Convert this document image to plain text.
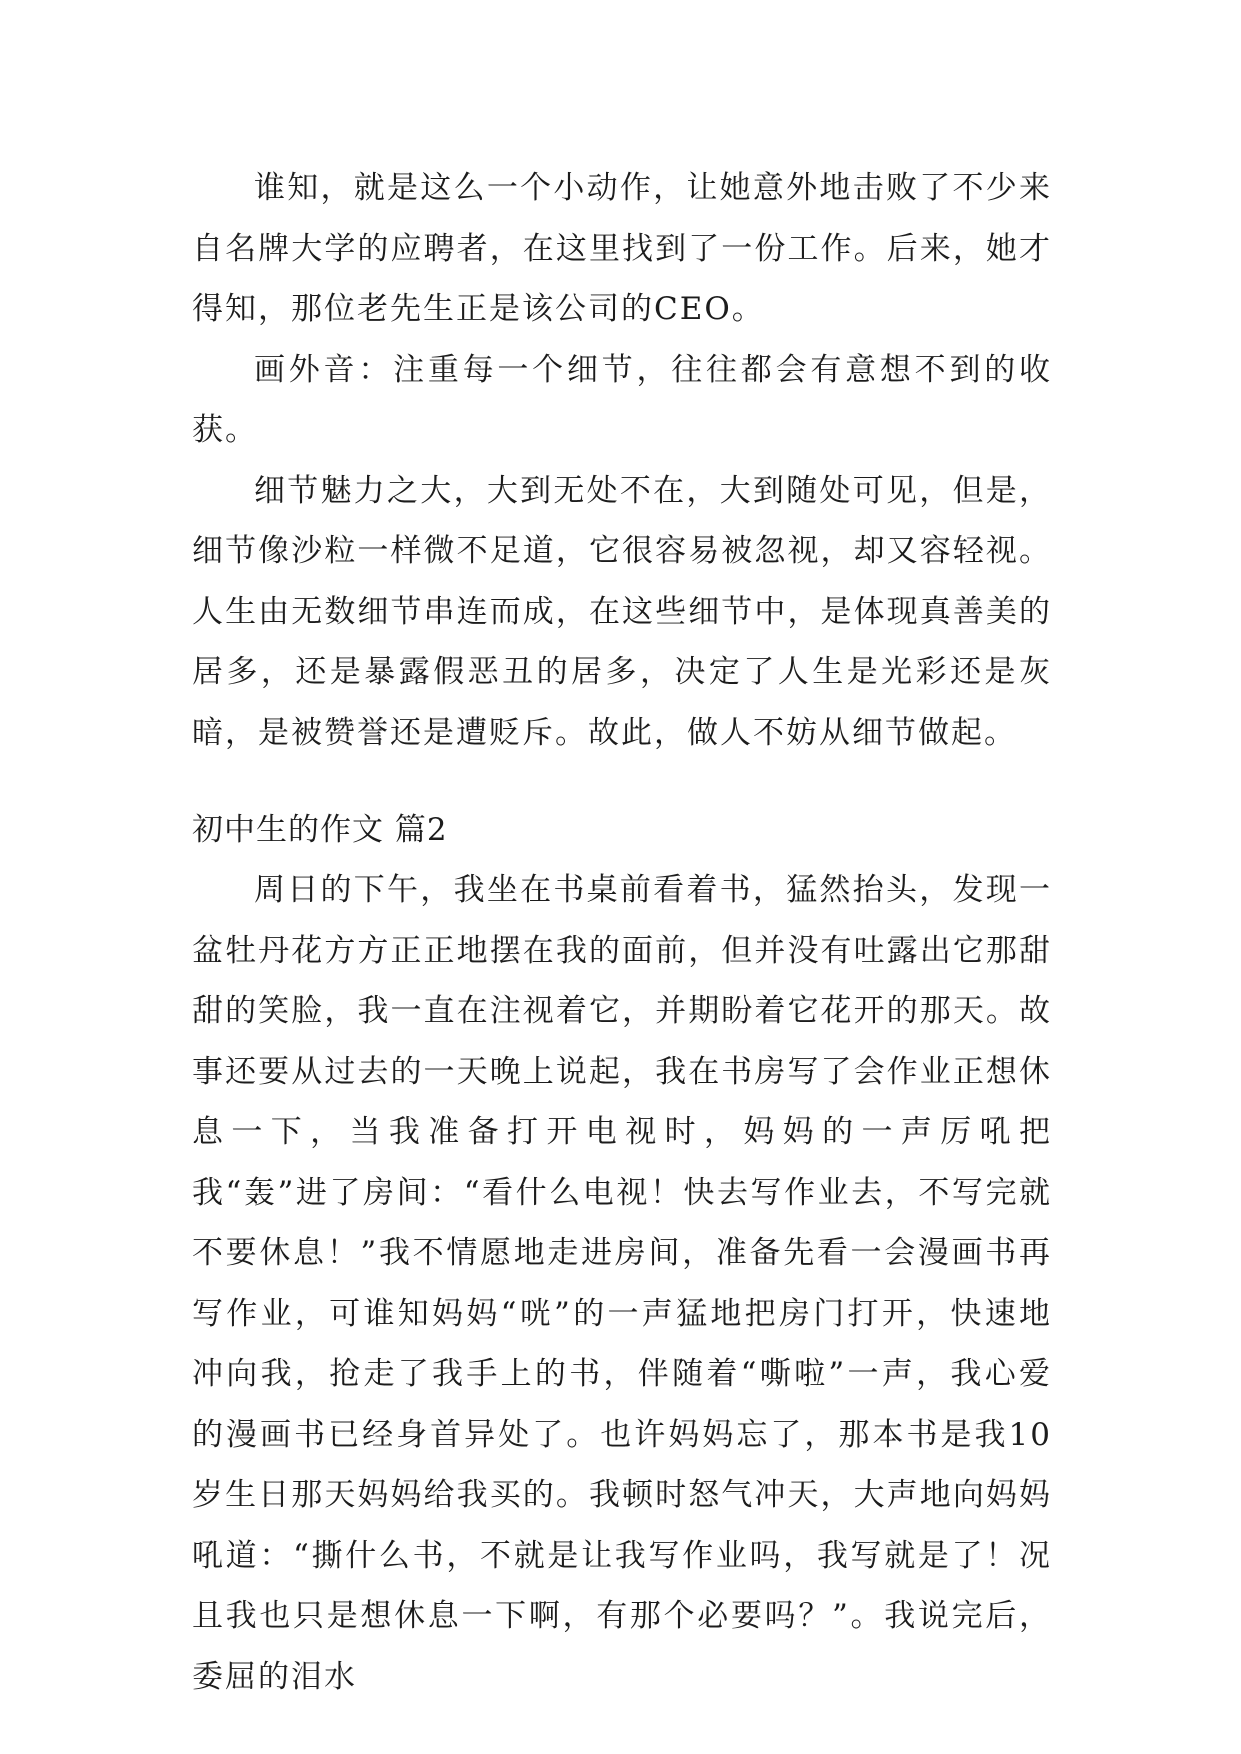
谁知，就是这么一个小动作，让她意外地击败了不少来自名牌大学的应聘者，在这里找到了一份工作。后来，她才得知，那位老先生正是该公司的CEO。

画外音：注重每一个细节，往往都会有意想不到的收获。

细节魅力之大，大到无处不在，大到随处可见，但是，细节像沙粒一样微不足道，它很容易被忽视，却又容轻视。人生由无数细节串连而成，在这些细节中，是体现真善美的居多，还是暴露假恶丑的居多，决定了人生是光彩还是灰暗，是被赞誉还是遭贬斥。故此，做人不妨从细节做起。

初中生的作文 篇2

周日的下午，我坐在书桌前看着书，猛然抬头，发现一盆牡丹花方方正正地摆在我的面前，但并没有吐露出它那甜甜的笑脸，我一直在注视着它，并期盼着它花开的那天。故事还要从过去的一天晚上说起，我在书房写了会作业正想休息一下，当我准备打开电视时，妈妈的一声厉吼把我“轰”进了房间：“看什么电视！快去写作业去，不写完就不要休息！”我不情愿地走进房间，准备先看一会漫画书再写作业，可谁知妈妈“咣”的一声猛地把房门打开，快速地冲向我，抢走了我手上的书，伴随着“嘶啦”一声，我心爱的漫画书已经身首异处了。也许妈妈忘了，那本书是我10岁生日那天妈妈给我买的。我顿时怒气冲天，大声地向妈妈吼道：“撕什么书，不就是让我写作业吗，我写就是了！况且我也只是想休息一下啊，有那个必要吗？”。我说完后，委屈的泪水
